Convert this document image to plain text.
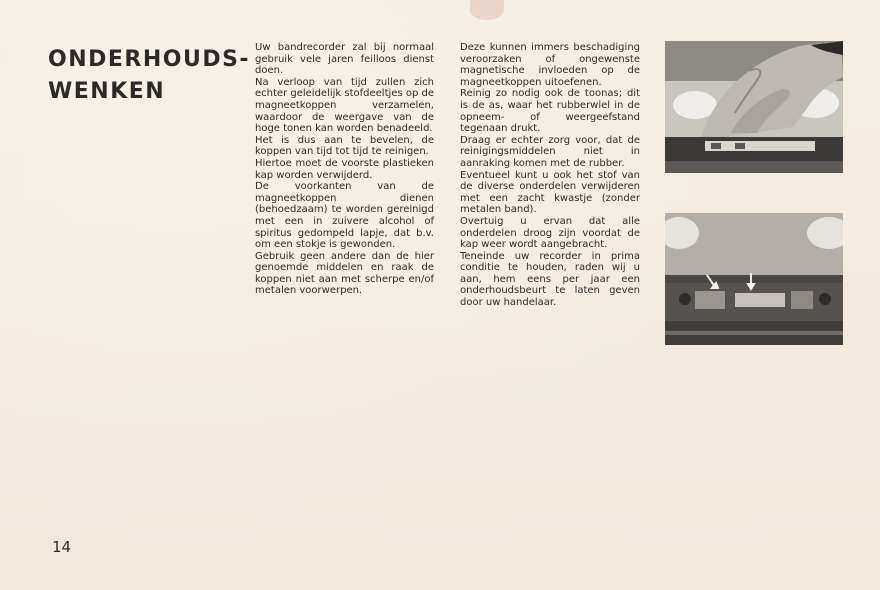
ONDERHOUDS-
WENKEN

Uw bandrecorder zal bij normaal gebruik vele jaren feilloos dienst doen.

Na verloop van tijd zullen zich echter geleidelijk stofdeeltjes op de magneetkoppen verzamelen, waardoor de weergave van de hoge tonen kan worden benadeeld.

Het is dus aan te bevelen, de koppen van tijd tot tijd te reinigen.

Hiertoe moet de voorste plastieken kap worden verwijderd.

De voorkanten van de magneetkoppen dienen (behoedzaam) te worden gereinigd met een in zuivere alcohol of spiritus gedompeld lapje, dat b.v. om een stokje is gewonden.

Gebruik geen andere dan de hier genoemde middelen en raak de koppen niet aan met scherpe en/of metalen voorwerpen.

Deze kunnen immers beschadiging veroorzaken of ongewenste magnetische invloeden op de magneetkoppen uitoefenen.

Reinig zo nodig ook de toonas; dit is de as, waar het rubberwiel in de opneem- of weergeefstand tegenaan drukt.

Draag er echter zorg voor, dat de reinigingsmiddelen niet in aanraking komen met de rubber.

Eventueel kunt u ook het stof van de diverse onderdelen verwijderen met een zacht kwastje (zonder metalen band).

Overtuig u ervan dat alle onderdelen droog zijn voordat de kap weer wordt aangebracht.

Teneinde uw recorder in prima conditie te houden, raden wij u aan, hem eens per jaar een onderhoudsbeurt te laten geven door uw handelaar.

14
